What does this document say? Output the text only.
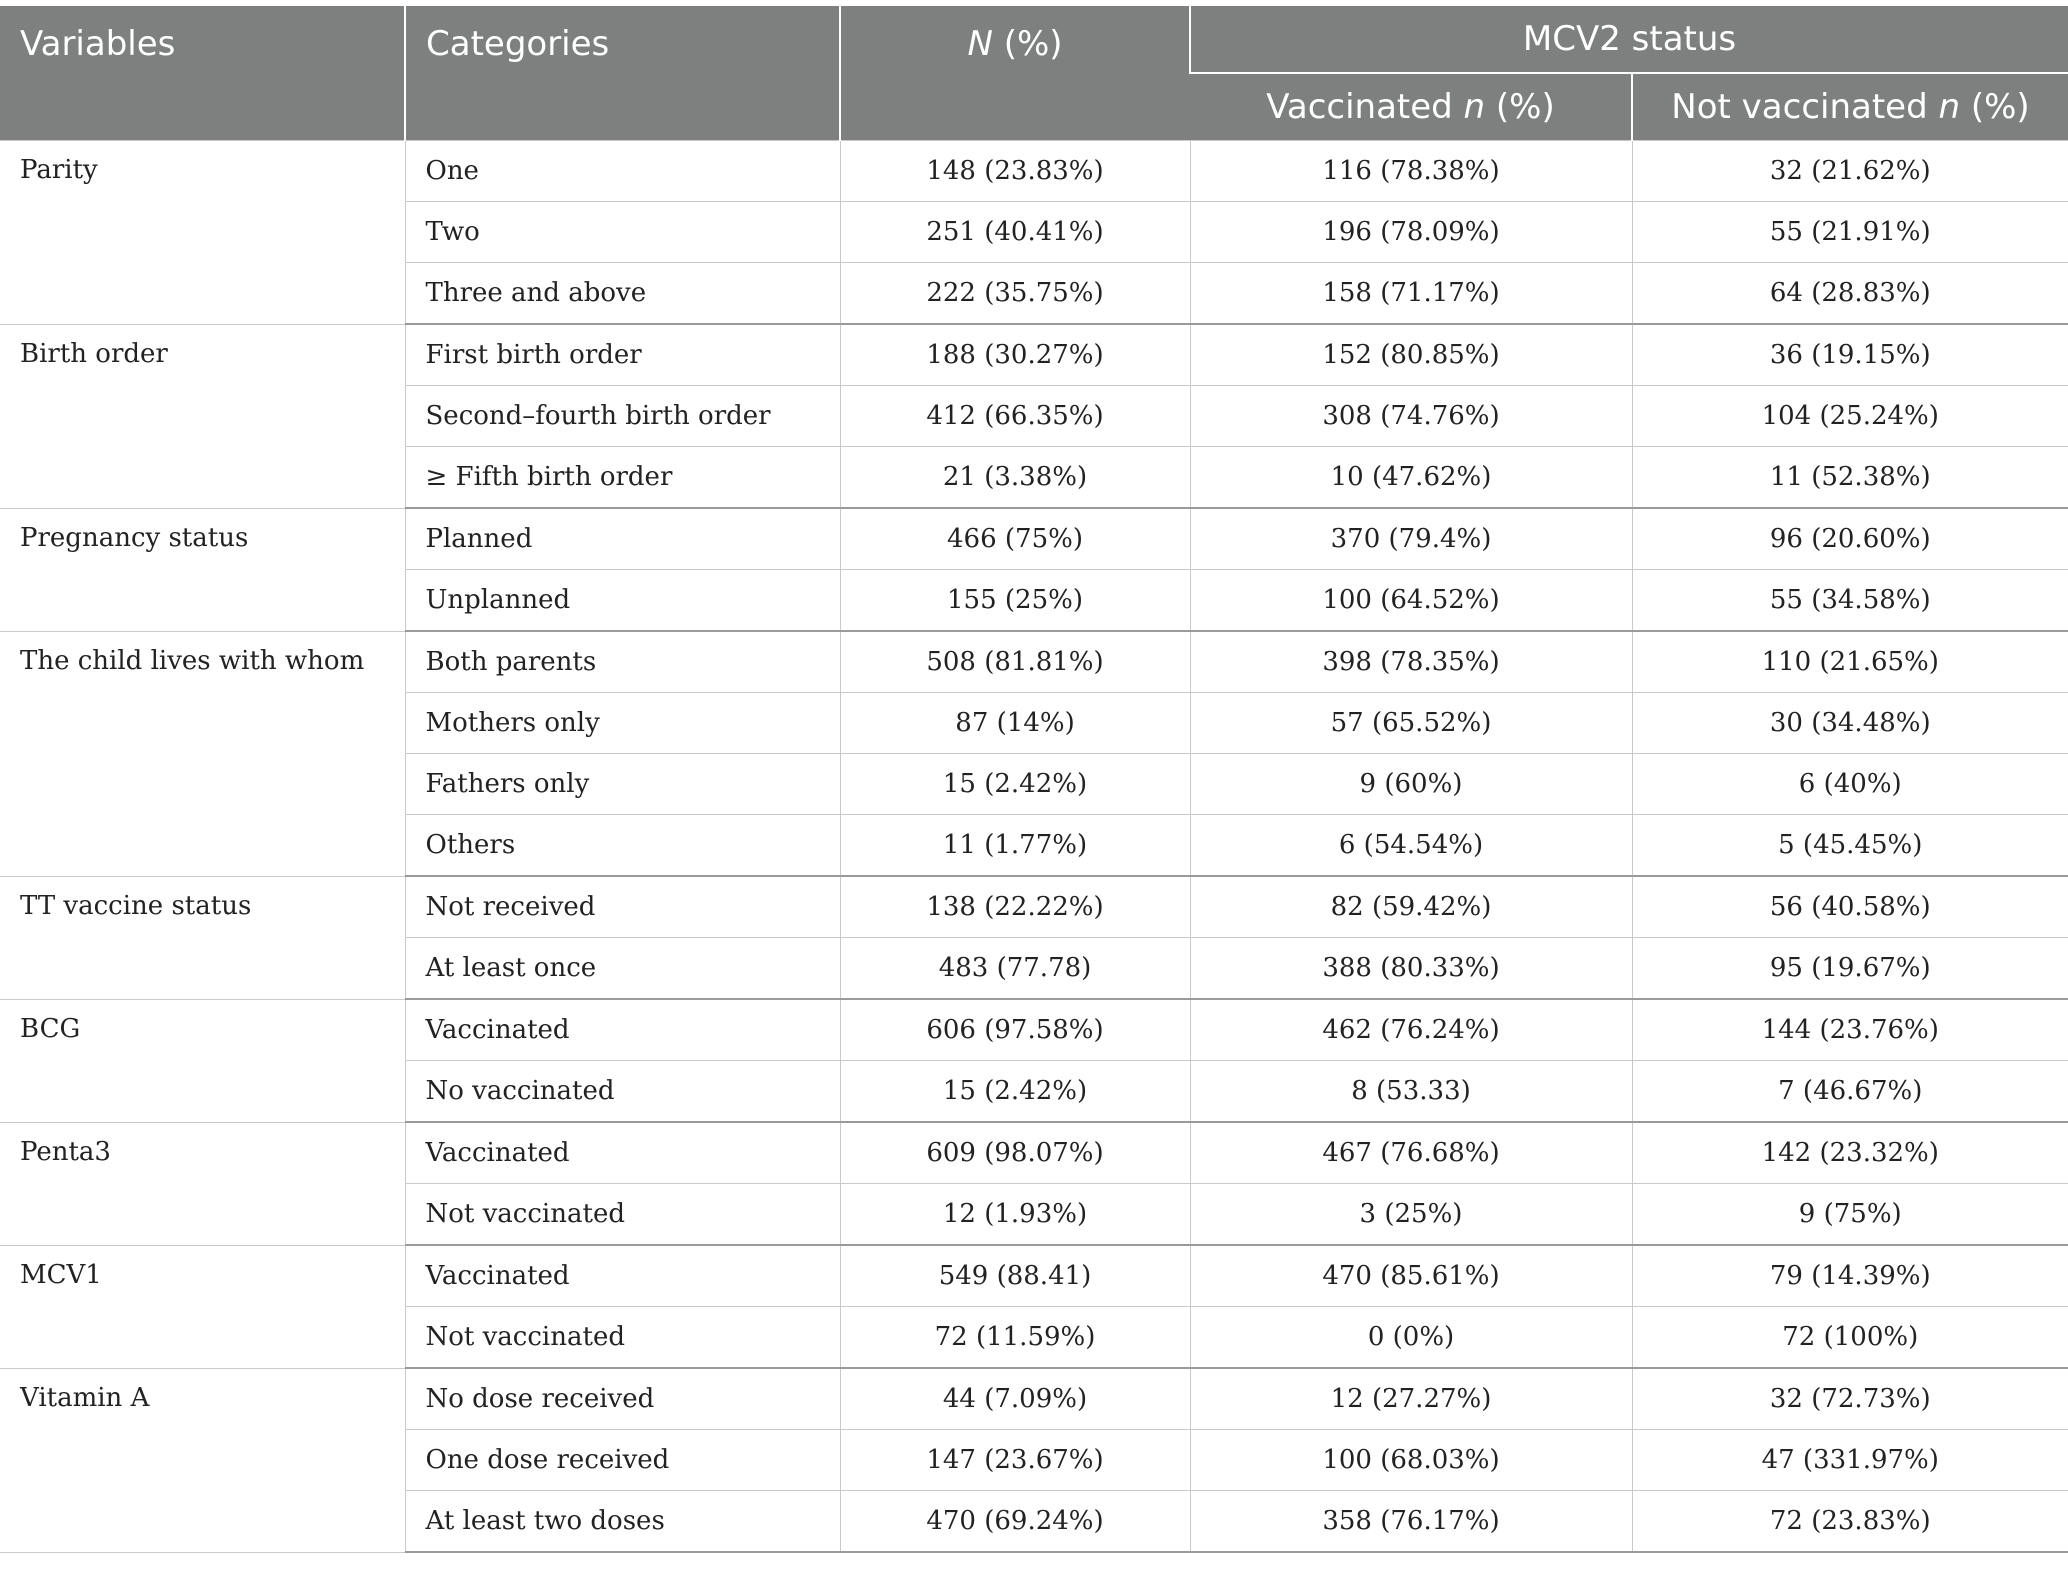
Variables	Categories	N (%)	MCV2 status	
			Vaccinated n (%)	Not vaccinated n (%)
Parity	One	148 (23.83%)	116 (78.38%)	32 (21.62%)
	Two	251 (40.41%)	196 (78.09%)	55 (21.91%)
	Three and above	222 (35.75%)	158 (71.17%)	64 (28.83%)
Birth order	First birth order	188 (30.27%)	152 (80.85%)	36 (19.15%)
	Second–fourth birth order	412 (66.35%)	308 (74.76%)	104 (25.24%)
	≥ Fifth birth order	21 (3.38%)	10 (47.62%)	11 (52.38%)
Pregnancy status	Planned	466 (75%)	370 (79.4%)	96 (20.60%)
	Unplanned	155 (25%)	100 (64.52%)	55 (34.58%)
The child lives with whom	Both parents	508 (81.81%)	398 (78.35%)	110 (21.65%)
	Mothers only	87 (14%)	57 (65.52%)	30 (34.48%)
	Fathers only	15 (2.42%)	9 (60%)	6 (40%)
	Others	11 (1.77%)	6 (54.54%)	5 (45.45%)
TT vaccine status	Not received	138 (22.22%)	82 (59.42%)	56 (40.58%)
	At least once	483 (77.78)	388 (80.33%)	95 (19.67%)
BCG	Vaccinated	606 (97.58%)	462 (76.24%)	144 (23.76%)
	No vaccinated	15 (2.42%)	8 (53.33)	7 (46.67%)
Penta3	Vaccinated	609 (98.07%)	467 (76.68%)	142 (23.32%)
	Not vaccinated	12 (1.93%)	3 (25%)	9 (75%)
MCV1	Vaccinated	549 (88.41)	470 (85.61%)	79 (14.39%)
	Not vaccinated	72 (11.59%)	0 (0%)	72 (100%)
Vitamin A	No dose received	44 (7.09%)	12 (27.27%)	32 (72.73%)
	One dose received	147 (23.67%)	100 (68.03%)	47 (331.97%)
	At least two doses	470 (69.24%)	358 (76.17%)	72 (23.83%)
